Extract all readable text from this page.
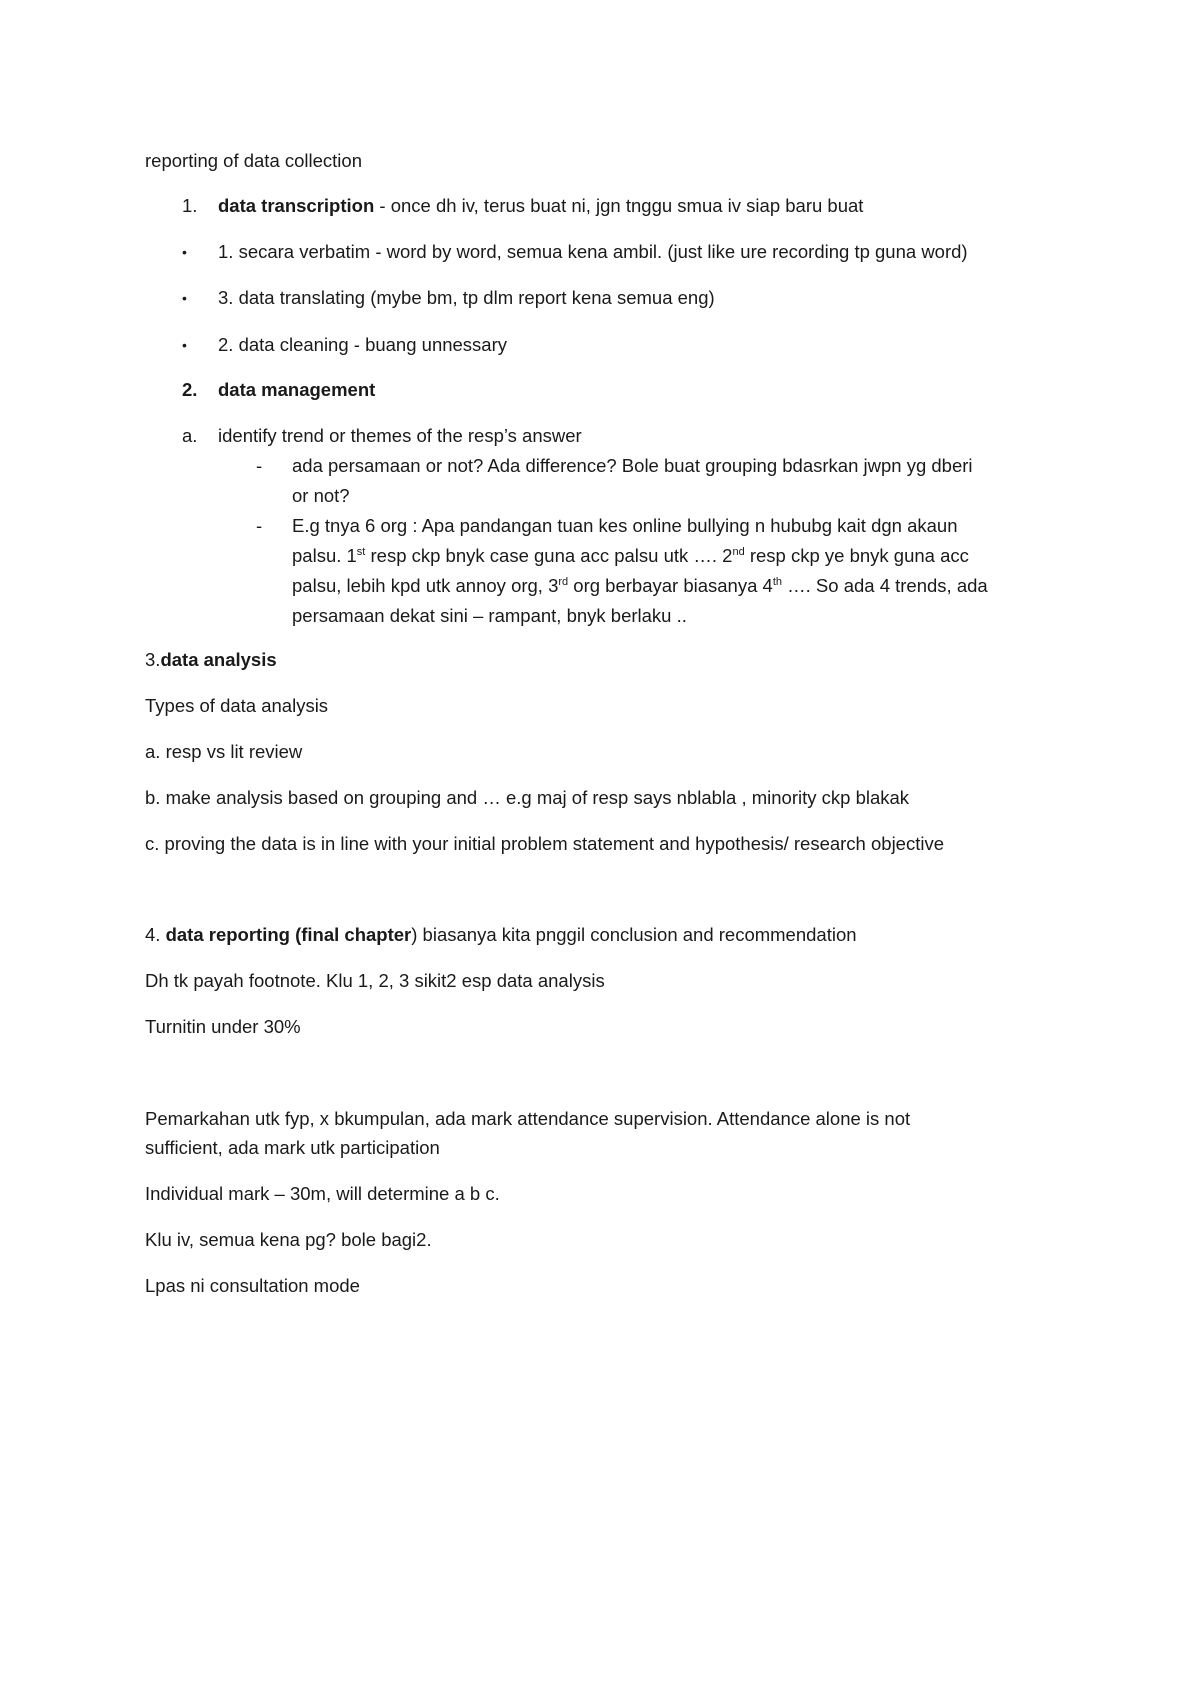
reporting of data collection
1. data transcription - once dh iv, terus buat ni, jgn tnggu smua iv siap baru buat
• 1. secara verbatim - word by word, semua kena ambil. (just like ure recording tp guna word)
• 3. data translating (mybe bm, tp dlm report kena semua eng)
• 2. data cleaning - buang unnessary
2. data management
a. identify trend or themes of the resp’s answer
- ada persamaan or not? Ada difference? Bole buat grouping bdasrkan jwpn yg dberi
or not?
- E.g tnya 6 org : Apa pandangan tuan kes online bullying n hububg kait dgn akaun
palsu. 1st resp ckp bnyk case guna acc palsu utk …. 2nd resp ckp ye bnyk guna acc
palsu, lebih kpd utk annoy org, 3rd org berbayar biasanya 4th …. So ada 4 trends, ada
persamaan dekat sini – rampant, bnyk berlaku ..
3.data analysis
Types of data analysis
a. resp vs lit review
b. make analysis based on grouping and … e.g maj of resp says nblabla , minority ckp blakak
c. proving the data is in line with your initial problem statement and hypothesis/ research objective
4. data reporting (final chapter) biasanya kita pnggil conclusion and recommendation
Dh tk payah footnote. Klu 1, 2, 3 sikit2 esp data analysis
Turnitin under 30%
Pemarkahan utk fyp, x bkumpulan, ada mark attendance supervision. Attendance alone is not
sufficient, ada mark utk participation
Individual mark – 30m, will determine a b c.
Klu iv, semua kena pg? bole bagi2.
Lpas ni consultation mode
